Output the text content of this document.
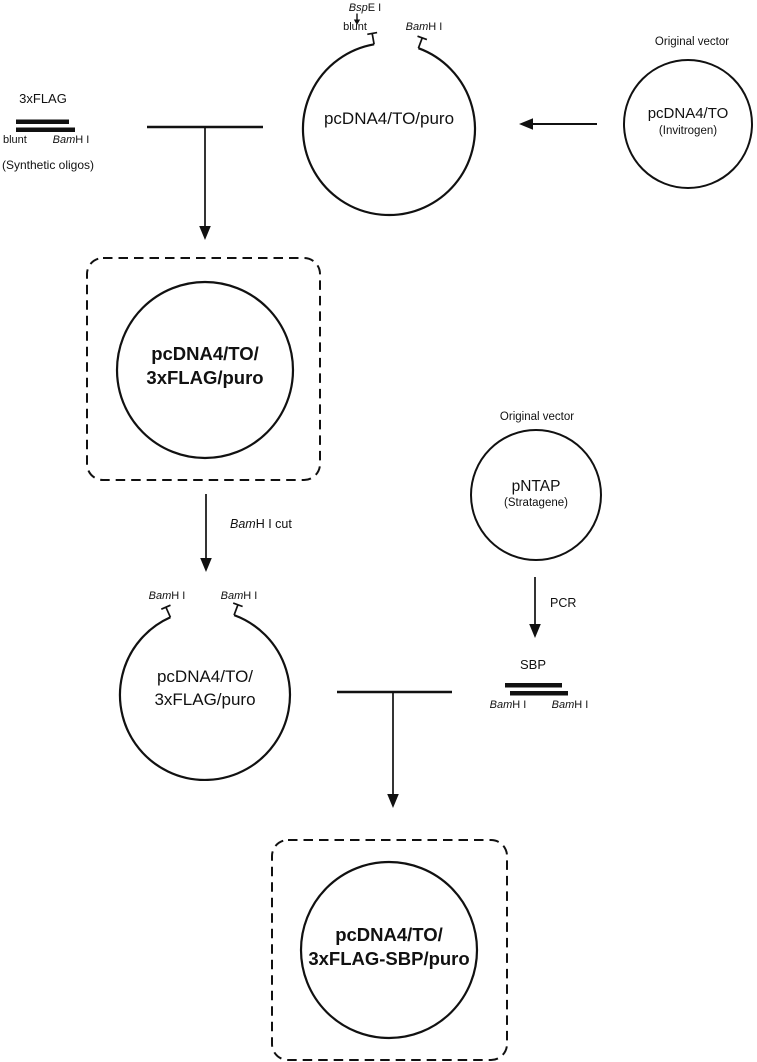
BspE I
blunt	BamH I
pcDNA4/TO/puro
Original vector
pcDNA4/TO
(Invitrogen)
3xFLAG
blunt BamH I
(Synthetic oligos)
pcDNA4/TO/
3xFLAG/puro
BamH I cut
BamH I	BamH I
pcDNA4/TO/
3xFLAG/puro
Original vector
pNTAP
(Stratagene)
PCR
SBP
BamH I BamH I
pcDNA4/TO/
3xFLAG-SBP/puro
